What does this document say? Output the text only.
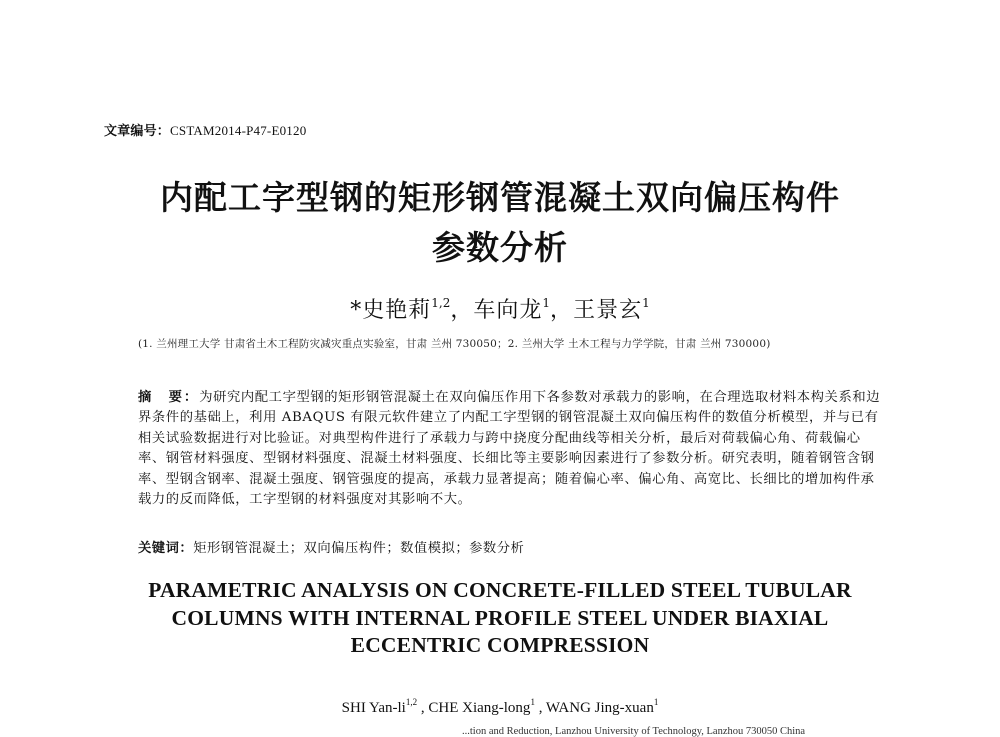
文章编号：CSTAM2014-P47-E0120
内配工字型钢的矩形钢管混凝土双向偏压构件
参数分析
*史艳莉$^{1,2}$，车向龙$^1$，王景玄$^1$
(1. 兰州理工大学 甘肃省土木工程防灾减灾重点实验室，甘肃 兰州 730050；2. 兰州大学 土木工程与力学学院，甘肃 兰州 730000)
摘　要：为研究内配工字型钢的矩形钢管混凝土在双向偏压作用下各参数对承载力的影响，在合理选取材料本构关系和边界条件的基础上，利用 ABAQUS 有限元软件建立了内配工字型钢的钢管混凝土双向偏压构件的数值分析模型，并与已有相关试验数据进行对比验证。对典型构件进行了承载力与跨中挠度分配曲线等相关分析，最后对荷载偏心角、荷载偏心率、钢管材料强度、型钢材料强度、混凝土材料强度、长细比等主要影响因素进行了参数分析。研究表明，随着钢管含钢率、型钢含钢率、混凝土强度、钢管强度的提高，承载力显著提高；随着偏心率、偏心角、高宽比、长细比的增加构件承载力的反而降低，工字型钢的材料强度对其影响不大。
关键词：矩形钢管混凝土；双向偏压构件；数值模拟；参数分析
PARAMETRIC ANALYSIS ON CONCRETE-FILLED STEEL TUBULAR
COLUMNS WITH INTERNAL PROFILE STEEL UNDER BIAXIAL
ECCENTRIC COMPRESSION
SHI Yan-li$^{1,2}$ , CHE Xiang-long$^1$ , WANG Jing-xuan$^1$
...tion and Reduction, Lanzhou University of Technology, Lanzhou 730050 China
